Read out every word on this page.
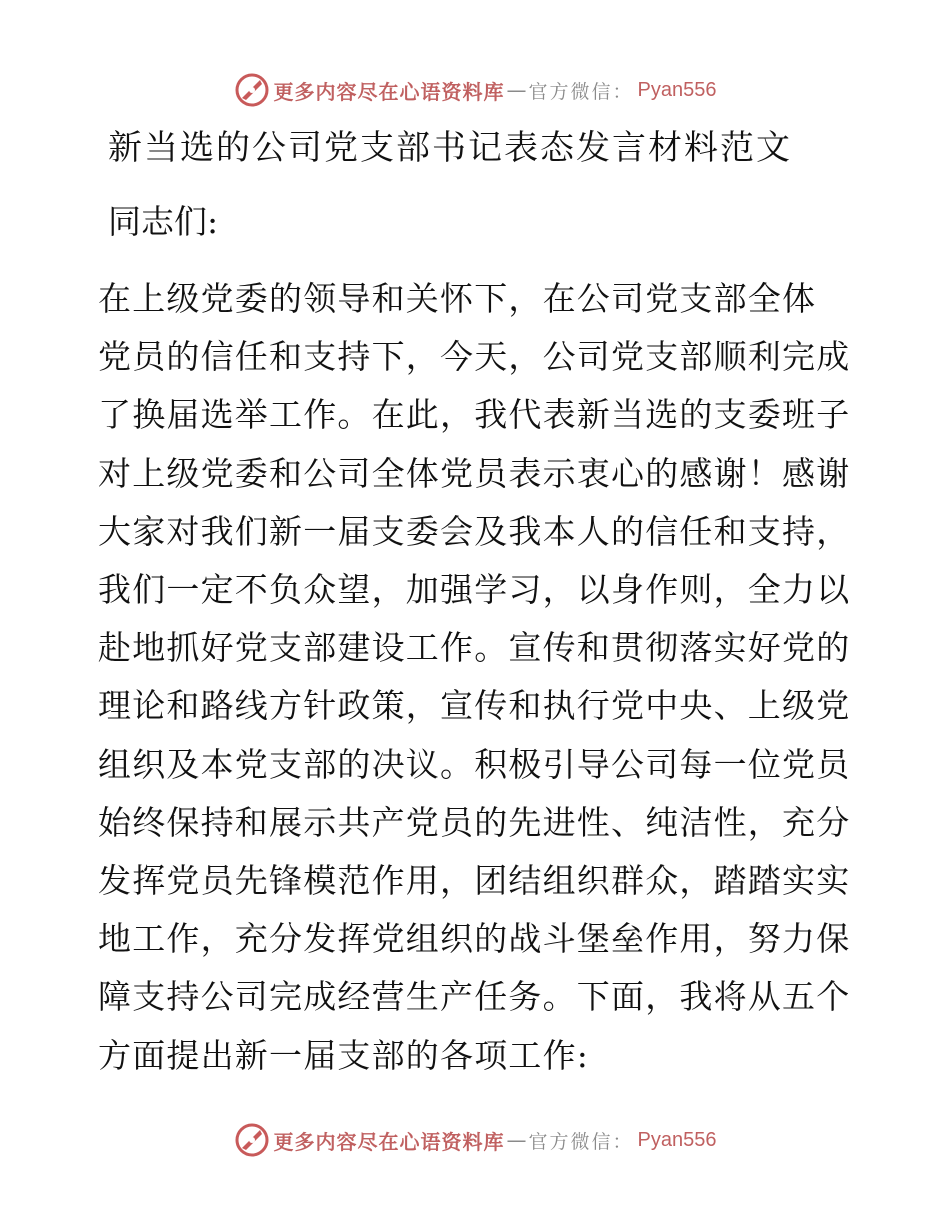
更多内容尽在心语资料库 — 官方微信： Pyan556
新当选的公司党支部书记表态发言材料范文

同志们:

在上级党委的领导和关怀下，在公司党支部全体
党员的信任和支持下，今天，公司党支部顺利完成
了换届选举工作。在此，我代表新当选的支委班子
对上级党委和公司全体党员表示衷心的感谢！感谢
大家对我们新一届支委会及我本人的信任和支持，
我们一定不负众望，加强学习，以身作则，全力以
赴地抓好党支部建设工作。宣传和贯彻落实好党的
理论和路线方针政策，宣传和执行党中央、上级党
组织及本党支部的决议。积极引导公司每一位党员
始终保持和展示共产党员的先进性、纯洁性，充分
发挥党员先锋模范作用，团结组织群众，踏踏实实
地工作，充分发挥党组织的战斗堡垒作用，努力保
障支持公司完成经营生产任务。下面，我将从五个
方面提出新一届支部的各项工作:

更多内容尽在心语资料库 — 官方微信： Pyan556
